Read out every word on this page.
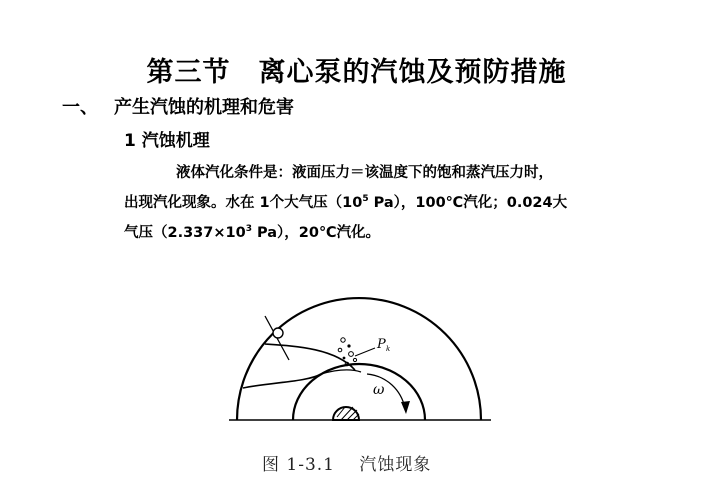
第三节　离心泵的汽蚀及预防措施
一、 产生汽蚀的机理和危害
1 汽蚀机理
液体汽化条件是：液面压力＝该温度下的饱和蒸汽压力时，
出现汽化现象。水在 1个大气压（$10^5$ Pa），100℃汽化；0.024大
气压（$2.337\times 10^3$ Pa），20℃汽化。
P k
ω
图 1-3.1 　汽蚀现象
